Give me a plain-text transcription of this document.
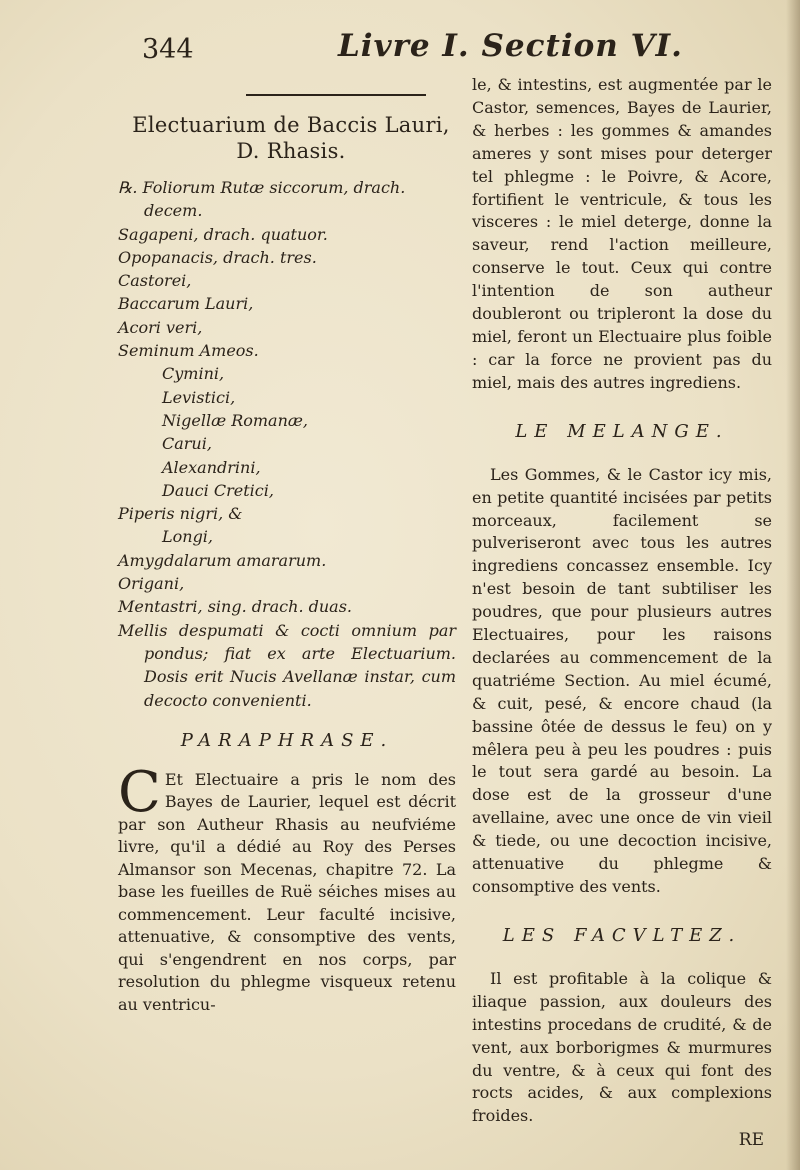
344	Livre I. Section VI.
Electuarium de Baccis Lauri,
D. Rhasis.
℞. Foliorum Rutæ siccorum, drach.
decem.
Sagapeni, drach. quatuor.
Opopanacis, drach. tres.
Castorei,
Baccarum Lauri,
Acori veri,
Seminum Ameos.
Cymini,
Levistici,
Nigellæ Romanæ,
Carui,
Alexandrini,
Dauci Cretici,
Piperis nigri, &
Longi,
Amygdalarum amararum.
Origani,
Mentastri, sing. drach. duas.
Mellis despumati & cocti omnium par pondus; fiat ex arte Electuarium. Dosis erit Nucis Avellanæ instar, cum decocto convenienti.
PARAPHRASE.

C Et Electuaire a pris le nom des Bayes de Laurier, lequel est décrit par son Autheur Rhasis au neufviéme livre, qu'il a dédié au Roy des Perses Almansor son Mecenas, chapitre 72. La base les fueilles de Ruë séiches mises au commencement. Leur faculté incisive, attenuative, & consomptive des vents, qui s'engendrent en nos corps, par resolution du phlegme visqueux retenu au ventricu-

le, & intestins, est augmentée par le Castor, semences, Bayes de Laurier, & herbes : les gommes & amandes ameres y sont mises pour deterger tel phlegme : le Poivre, & Acore, fortifient le ventricule, & tous les visceres : le miel deterge, donne la saveur, rend l'action meilleure, conserve le tout. Ceux qui contre l'intention de son autheur doubleront ou tripleront la dose du miel, feront un Electuaire plus foible : car la force ne provient pas du miel, mais des autres ingrediens.

LE MELANGE.

Les Gommes, & le Castor icy mis, en petite quantité incisées par petits morceaux, facilement se pulveriseront avec tous les autres ingrediens concassez ensemble. Icy n'est besoin de tant subtiliser les poudres, que pour plusieurs autres Electuaires, pour les raisons declarées au commencement de la quatriéme Section. Au miel écumé, & cuit, pesé, & encore chaud (la bassine ôtée de dessus le feu) on y mêlera peu à peu les poudres : puis le tout sera gardé au besoin. La dose est de la grosseur d'une avellaine, avec une once de vin vieil & tiede, ou une decoction incisive, attenuative du phlegme & consomptive des vents.

LES FACVLTEZ.

Il est profitable à la colique & iliaque passion, aux douleurs des intestins procedans de crudité, & de vent, aux borborigmes & murmures du ventre, & à ceux qui font des rocts acides, & aux complexions froides.

RE
